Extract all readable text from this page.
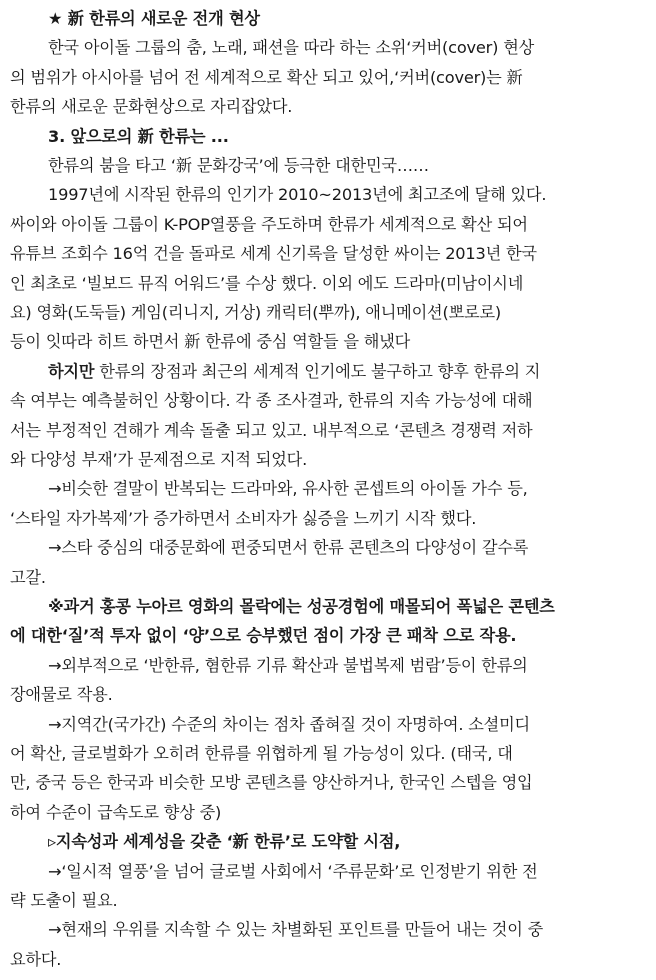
★ 新 한류의 새로운 전개 현상
한국 아이돌 그룹의 춤, 노래, 패션을 따라 하는 소위‘커버(cover) 현상
의 범위가 아시아를 넘어 전 세계적으로 확산 되고 있어,‘커버(cover)는 新
한류의 새로운 문화현상으로 자리잡았다.
3. 앞으로의 新 한류는 ...
한류의 붐을 타고 ‘新 문화강국’에 등극한 대한민국……
1997년에 시작된 한류의 인기가 2010~2013년에 최고조에 달해 있다.
싸이와 아이돌 그룹이 K-POP열풍을 주도하며 한류가 세계적으로 확산 되어
유튜브 조회수 16억 건을 돌파로 세계 신기록을 달성한 싸이는 2013년 한국
인 최초로 ‘빌보드 뮤직 어워드’를 수상 했다. 이외 에도 드라마(미남이시네
요) 영화(도둑들) 게임(리니지, 거상) 캐릭터(뿌까), 애니메이션(뽀로로)
등이 잇따라 히트 하면서 新 한류에 중심 역할들 을 해냈다
하지만 한류의 장점과 최근의 세계적 인기에도 불구하고 향후 한류의 지
속 여부는 예측불허인 상황이다. 각 종 조사결과, 한류의 지속 가능성에 대해
서는 부정적인 견해가 계속 돌출 되고 있고. 내부적으로 ‘콘텐츠 경쟁력 저하
와 다양성 부재’가 문제점으로 지적 되었다.
→비슷한 결말이 반복되는 드라마와, 유사한 콘셉트의 아이돌 가수 등,
‘스타일 자가복제’가 증가하면서 소비자가 싫증을 느끼기 시작 했다.
→스타 중심의 대중문화에 편중되면서 한류 콘텐츠의 다양성이 갈수록
고갈.
※과거 홍콩 누아르 영화의 몰락에는 성공경험에 매몰되어 폭넓은 콘텐츠
에 대한‘질’적 투자 없이 ‘양’으로 승부했던 점이 가장 큰 패착 으로 작용.
→외부적으로 ‘반한류, 혐한류 기류 확산과 불법복제 범람’등이 한류의
장애물로 작용.
→지역간(국가간) 수준의 차이는 점차 좁혀질 것이 자명하여. 소셜미디
어 확산, 글로벌화가 오히려 한류를 위협하게 될 가능성이 있다. (태국, 대
만, 중국 등은 한국과 비슷한 모방 콘텐츠를 양산하거나, 한국인 스텝을 영입
하여 수준이 급속도로 향상 중)
▹지속성과 세계성을 갖춘 ‘新 한류’로 도약할 시점,
→‘일시적 열풍’을 넘어 글로벌 사회에서 ‘주류문화’로 인정받기 위한 전
략 도출이 필요.
→현재의 우위를 지속할 수 있는 차별화된 포인트를 만들어 내는 것이 중
요하다.
